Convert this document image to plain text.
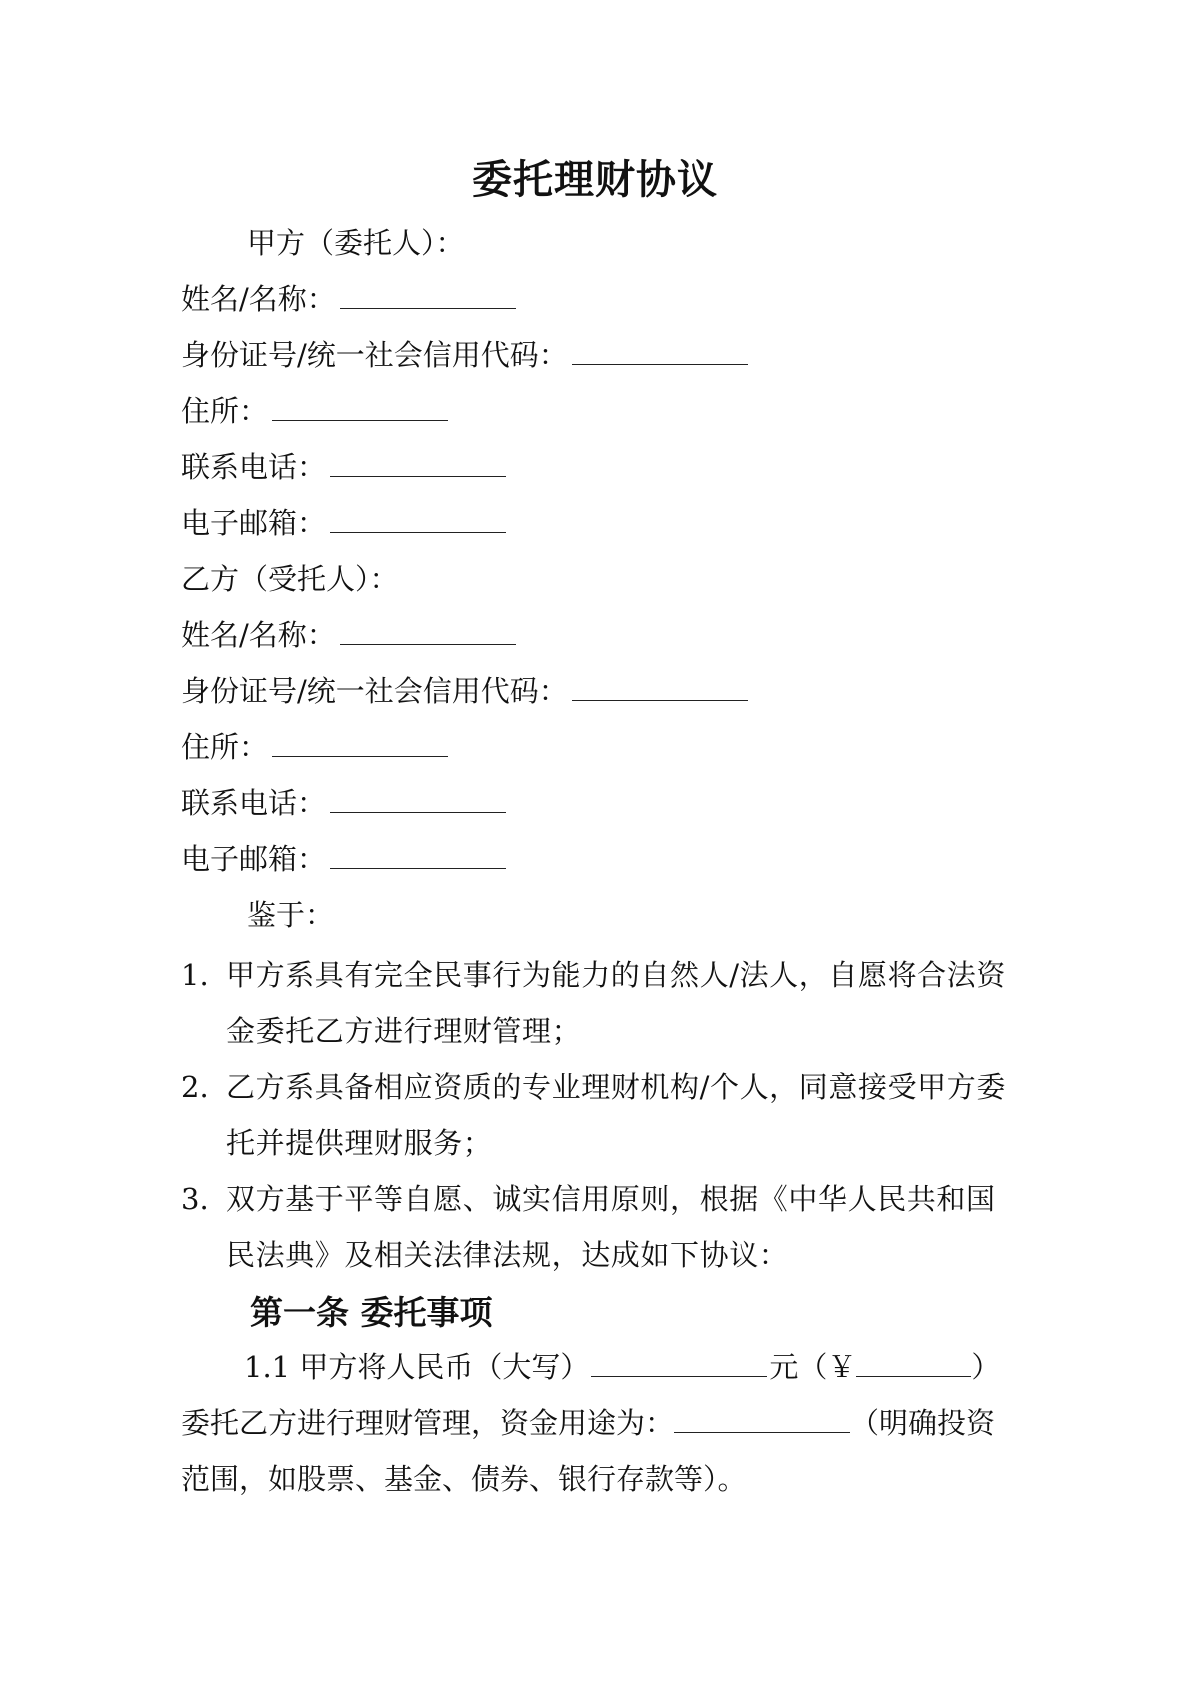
委托理财协议
甲方（委托人）：
姓名/名称：
身份证号/统一社会信用代码：
住所：
联系电话：
电子邮箱：
乙方（受托人）：
姓名/名称：
身份证号/统一社会信用代码：
住所：
联系电话：
电子邮箱：
鉴于：
1. 甲方系具有完全民事行为能力的自然人/法人，自愿将合法资金委托乙方进行理财管理；
2. 乙方系具备相应资质的专业理财机构/个人，同意接受甲方委托并提供理财服务；
3. 双方基于平等自愿、诚实信用原则，根据《中华人民共和国民法典》及相关法律法规，达成如下协议：
第一条 委托事项
1.1 甲方将人民币（大写）	元（￥	）委托乙方进行理财管理，资金用途为：	（明确投资范围，如股票、基金、债券、银行存款等）。
